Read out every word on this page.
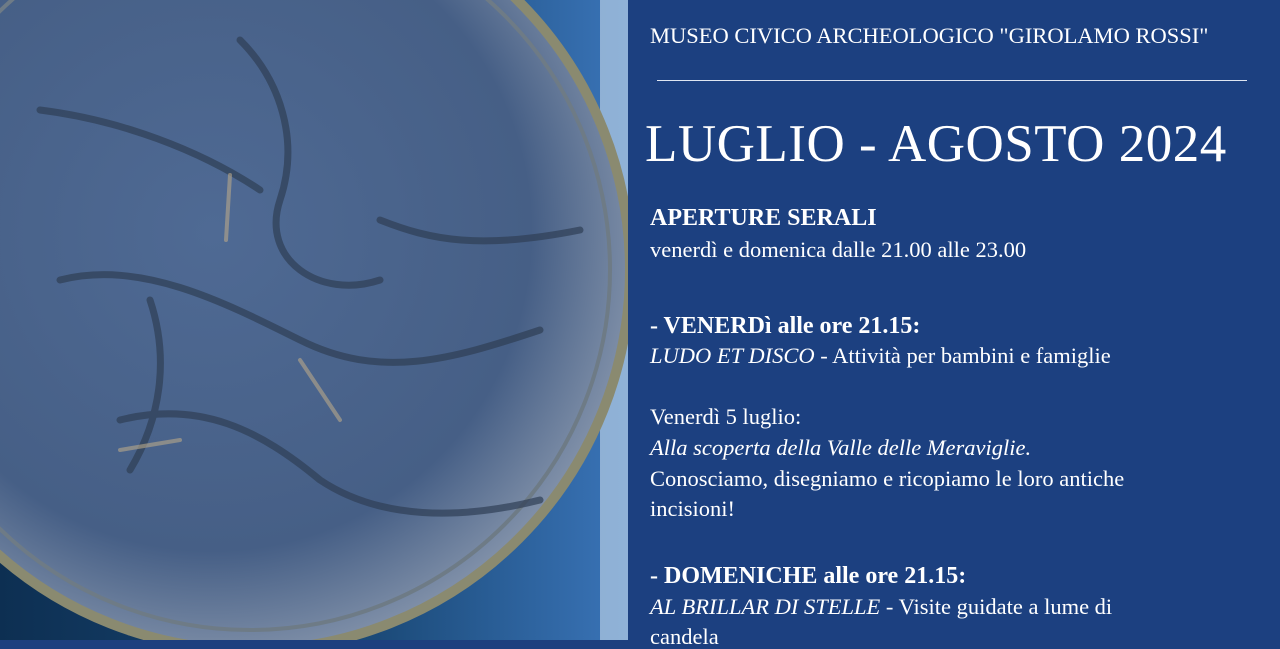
MUSEO CIVICO ARCHEOLOGICO "GIROLAMO ROSSI"
LUGLIO - AGOSTO 2024
APERTURE SERALI
venerdì e domenica dalle 21.00 alle 23.00
- VENERDì alle ore 21.15:
LUDO ET DISCO - Attività per bambini e famiglie
Venerdì 5 luglio:
Alla scoperta della Valle delle Meraviglie.
Conosciamo, disegniamo e ricopiamo le loro antiche
incisioni!
- DOMENICHE alle ore 21.15:
AL BRILLAR DI STELLE - Visite guidate a lume di
candela
